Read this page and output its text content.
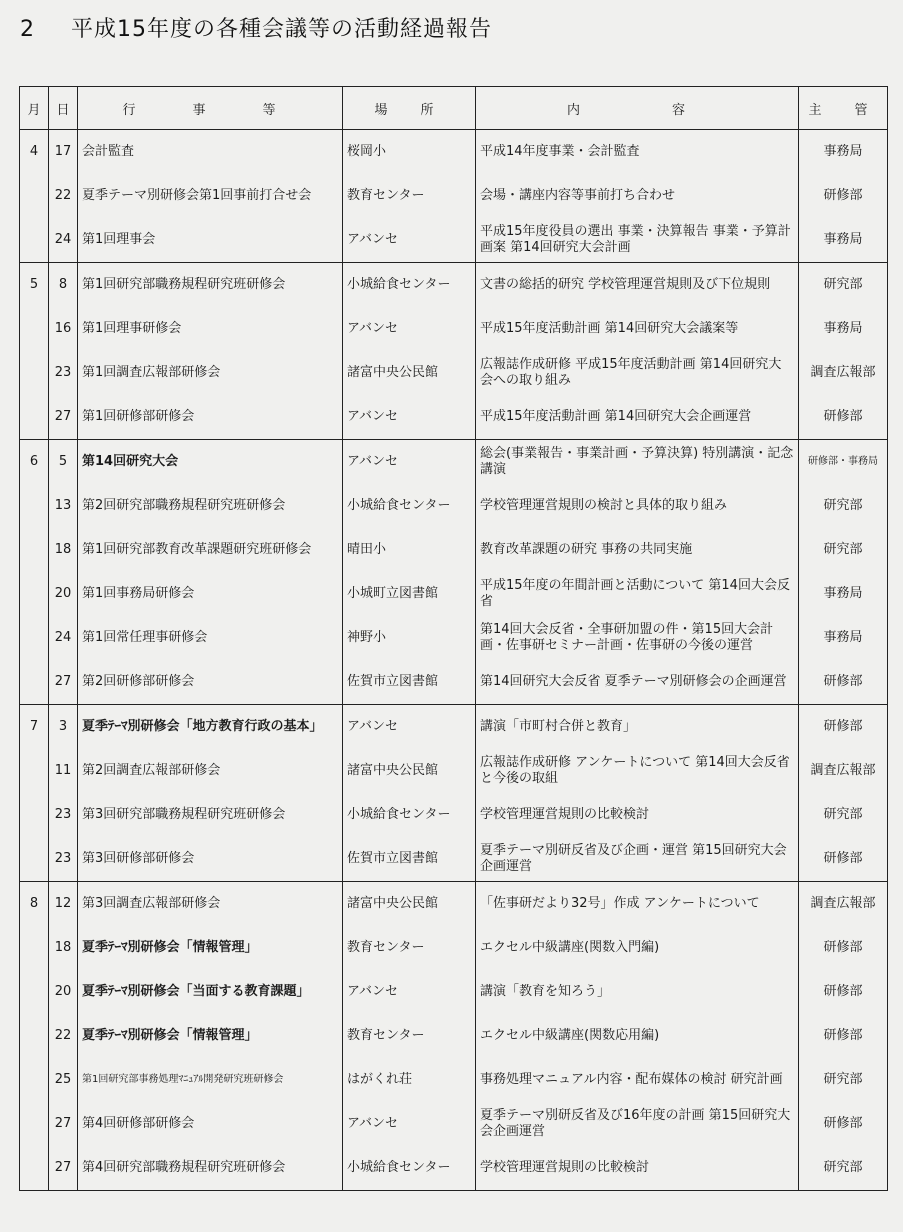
2 平成15年度の各種会議等の活動経過報告
月	日	行　事　等	場　所	内　　容	主　管
4	17	会計監査	桜岡小	平成14年度事業・会計監査	事務局
	22	夏季テーマ別研修会第1回事前打合せ会	教育センター	会場・講座内容等事前打ち合わせ	研修部
	24	第1回理事会	アバンセ	平成15年度役員の選出 事業・決算報告 事業・予算計画案 第14回研究大会計画	事務局
5	8	第1回研究部職務規程研究班研修会	小城給食センター	文書の総括的研究 学校管理運営規則及び下位規則	研究部
	16	第1回理事研修会	アバンセ	平成15年度活動計画 第14回研究大会議案等	事務局
	23	第1回調査広報部研修会	諸富中央公民館	広報誌作成研修 平成15年度活動計画 第14回研究大会への取り組み	調査広報部
	27	第1回研修部研修会	アバンセ	平成15年度活動計画 第14回研究大会企画運営	研修部
6	5	第14回研究大会	アバンセ	総会(事業報告・事業計画・予算決算) 特別講演・記念講演	研修部・事務局
	13	第2回研究部職務規程研究班研修会	小城給食センター	学校管理運営規則の検討と具体的取り組み	研究部
	18	第1回研究部教育改革課題研究班研修会	晴田小	教育改革課題の研究 事務の共同実施	研究部
	20	第1回事務局研修会	小城町立図書館	平成15年度の年間計画と活動について 第14回大会反省	事務局
	24	第1回常任理事研修会	神野小	第14回大会反省・全事研加盟の件・第15回大会計画・佐事研セミナー計画・佐事研の今後の運営	事務局
	27	第2回研修部研修会	佐賀市立図書館	第14回研究大会反省 夏季テーマ別研修会の企画運営	研修部
7	3	夏季ﾃｰﾏ別研修会「地方教育行政の基本」	アバンセ	講演「市町村合併と教育」	研修部
	11	第2回調査広報部研修会	諸富中央公民館	広報誌作成研修 アンケートについて 第14回大会反省と今後の取組	調査広報部
	23	第3回研究部職務規程研究班研修会	小城給食センター	学校管理運営規則の比較検討	研究部
	23	第3回研修部研修会	佐賀市立図書館	夏季テーマ別研反省及び企画・運営 第15回研究大会企画運営	研修部
8	12	第3回調査広報部研修会	諸富中央公民館	「佐事研だより32号」作成 アンケートについて	調査広報部
	18	夏季ﾃｰﾏ別研修会「情報管理」	教育センター	エクセル中級講座(関数入門編)	研修部
	20	夏季ﾃｰﾏ別研修会「当面する教育課題」	アバンセ	講演「教育を知ろう」	研修部
	22	夏季ﾃｰﾏ別研修会「情報管理」	教育センター	エクセル中級講座(関数応用編)	研修部
	25	第1回研究部事務処理ﾏﾆｭｱﾙ開発研究班研修会	はがくれ荘	事務処理マニュアル内容・配布媒体の検討 研究計画	研究部
	27	第4回研修部研修会	アバンセ	夏季テーマ別研反省及び16年度の計画 第15回研究大会企画運営	研修部
	27	第4回研究部職務規程研究班研修会	小城給食センター	学校管理運営規則の比較検討	研究部
